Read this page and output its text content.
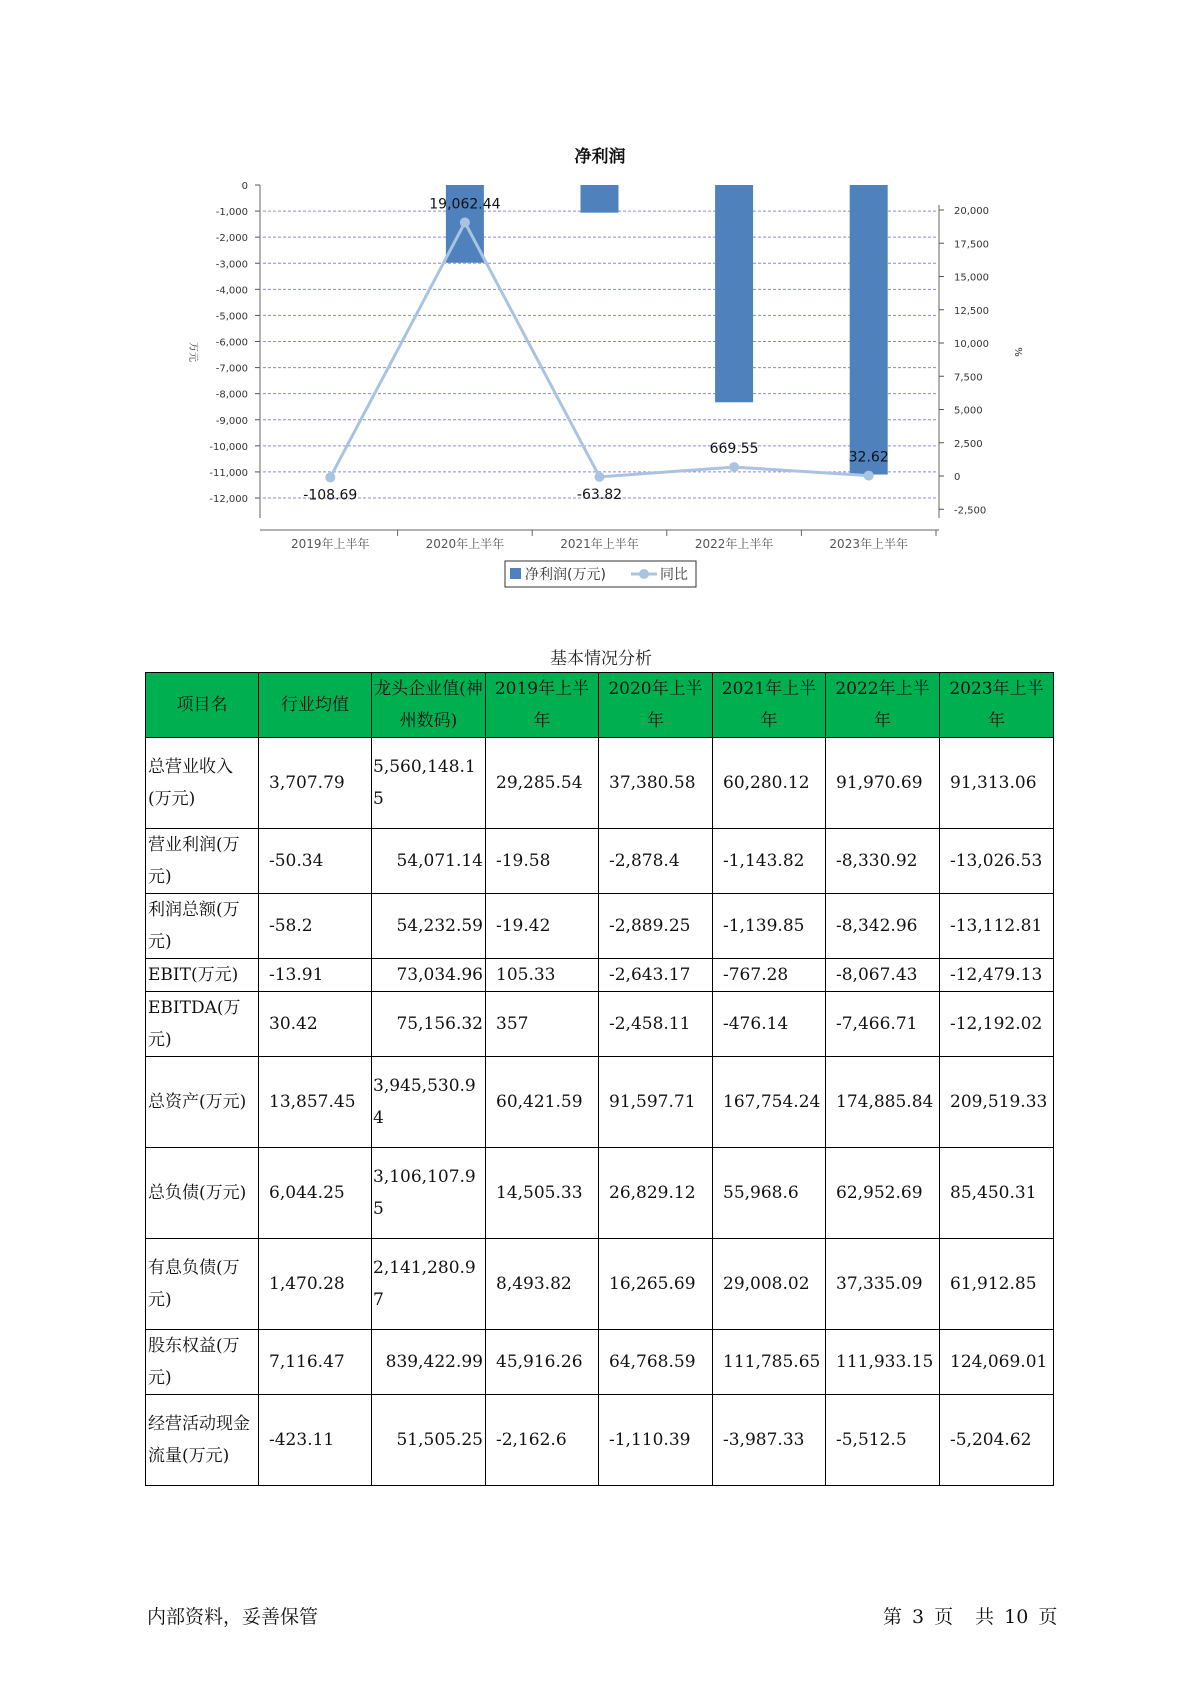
净利润
0
-1,000
-2,000
-3,000
-4,000
-5,000
-6,000
-7,000
-8,000
-9,000
-10,000
-11,000
-12,000
20,000
17,500
15,000
12,500
10,000
7,500
5,000
2,500
0
-2,500
万元	%
2019年上半年	2020年上半年	2021年上半年	2022年上半年	2023年上半年
-108.69
19,062.44
-63.82
669.55
32.62
净利润(万元)	同比
基本情况分析
项目名	行业均值	龙头企业值(神州数码)	2019年上半年	2020年上半年	2021年上半年	2022年上半年	2023年上半年
总营业收入(万元)	3,707.79	5,560,148.15	29,285.54	37,380.58	60,280.12	91,970.69	91,313.06
营业利润(万元)	-50.34	54,071.14	-19.58	-2,878.4	-1,143.82	-8,330.92	-13,026.53
利润总额(万元)	-58.2	54,232.59	-19.42	-2,889.25	-1,139.85	-8,342.96	-13,112.81
EBIT(万元)	-13.91	73,034.96	105.33	-2,643.17	-767.28	-8,067.43	-12,479.13
EBITDA(万元)	30.42	75,156.32	357	-2,458.11	-476.14	-7,466.71	-12,192.02
总资产(万元)	13,857.45	3,945,530.94	60,421.59	91,597.71	167,754.24	174,885.84	209,519.33
总负债(万元)	6,044.25	3,106,107.95	14,505.33	26,829.12	55,968.6	62,952.69	85,450.31
有息负债(万元)	1,470.28	2,141,280.97	8,493.82	16,265.69	29,008.02	37,335.09	61,912.85
股东权益(万元)	7,116.47	839,422.99	45,916.26	64,768.59	111,785.65	111,933.15	124,069.01
经营活动现金流量(万元)	-423.11	51,505.25	-2,162.6	-1,110.39	-3,987.33	-5,512.5	-5,204.62
内部资料，妥善保管	第 3 页 共 10 页
